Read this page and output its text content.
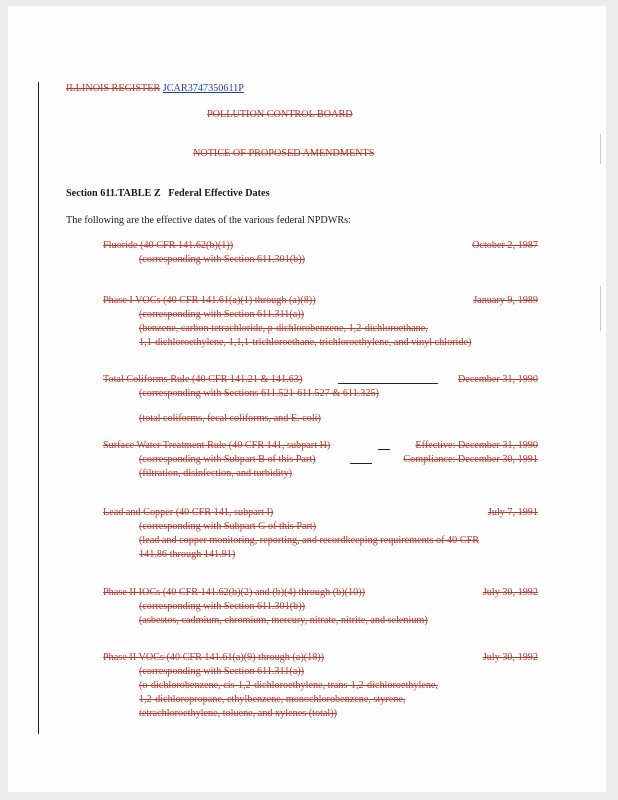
ILLINOIS REGISTER JCAR3747350611P
POLLUTION CONTROL BOARD
NOTICE OF PROPOSED AMENDMENTS
Section 611.TABLE Z   Federal Effective Dates
The following are the effective dates of the various federal NPDWRs:
Fluoride (40 CFR 141.62(b)(1))	October 2, 1987
(corresponding with Section 611.301(b))
Phase I VOCs (40 CFR 141.61(a)(1) through (a)(8))	January 9, 1989
(corresponding with Section 611.311(a))
(benzene, carbon tetrachloride, p-dichlorobenzene, 1,2-dichloroethane,
1,1-dichloroethylene, 1,1,1-trichloroethane, trichloroethylene, and vinyl chloride)
Total Coliforms Rule (40 CFR 141.21 & 141.63)	December 31, 1990
(corresponding with Sections 611.521-611.527 & 611.325)
(total coliforms, fecal coliforms, and E. coli)
Surface Water Treatment Rule (40 CFR 141, subpart H)	Effective: December 31, 1990
(corresponding with Subpart B of this Part)	Compliance: December 30, 1991
(filtration, disinfection, and turbidity)
Lead and Copper (40 CFR 141, subpart I)	July 7, 1991
(corresponding with Subpart G of this Part)
(lead and copper monitoring, reporting, and recordkeeping requirements of 40 CFR
141.86 through 141.91)
Phase II IOCs (40 CFR 141.62(b)(2) and (b)(4) through (b)(10))	July 30, 1992
(corresponding with Section 611.301(b))
(asbestos, cadmium, chromium, mercury, nitrate, nitrite, and selenium)
Phase II VOCs (40 CFR 141.61(a)(9) through (a)(18))	July 30, 1992
(corresponding with Section 611.311(a))
(o-dichlorobenzene, cis-1,2-dichloroethylene, trans-1,2-dichloroethylene,
1,2-dichloropropane, ethylbenzene, monochlorobenzene, styrene,
tetrachloroethylene, toluene, and xylenes (total))
